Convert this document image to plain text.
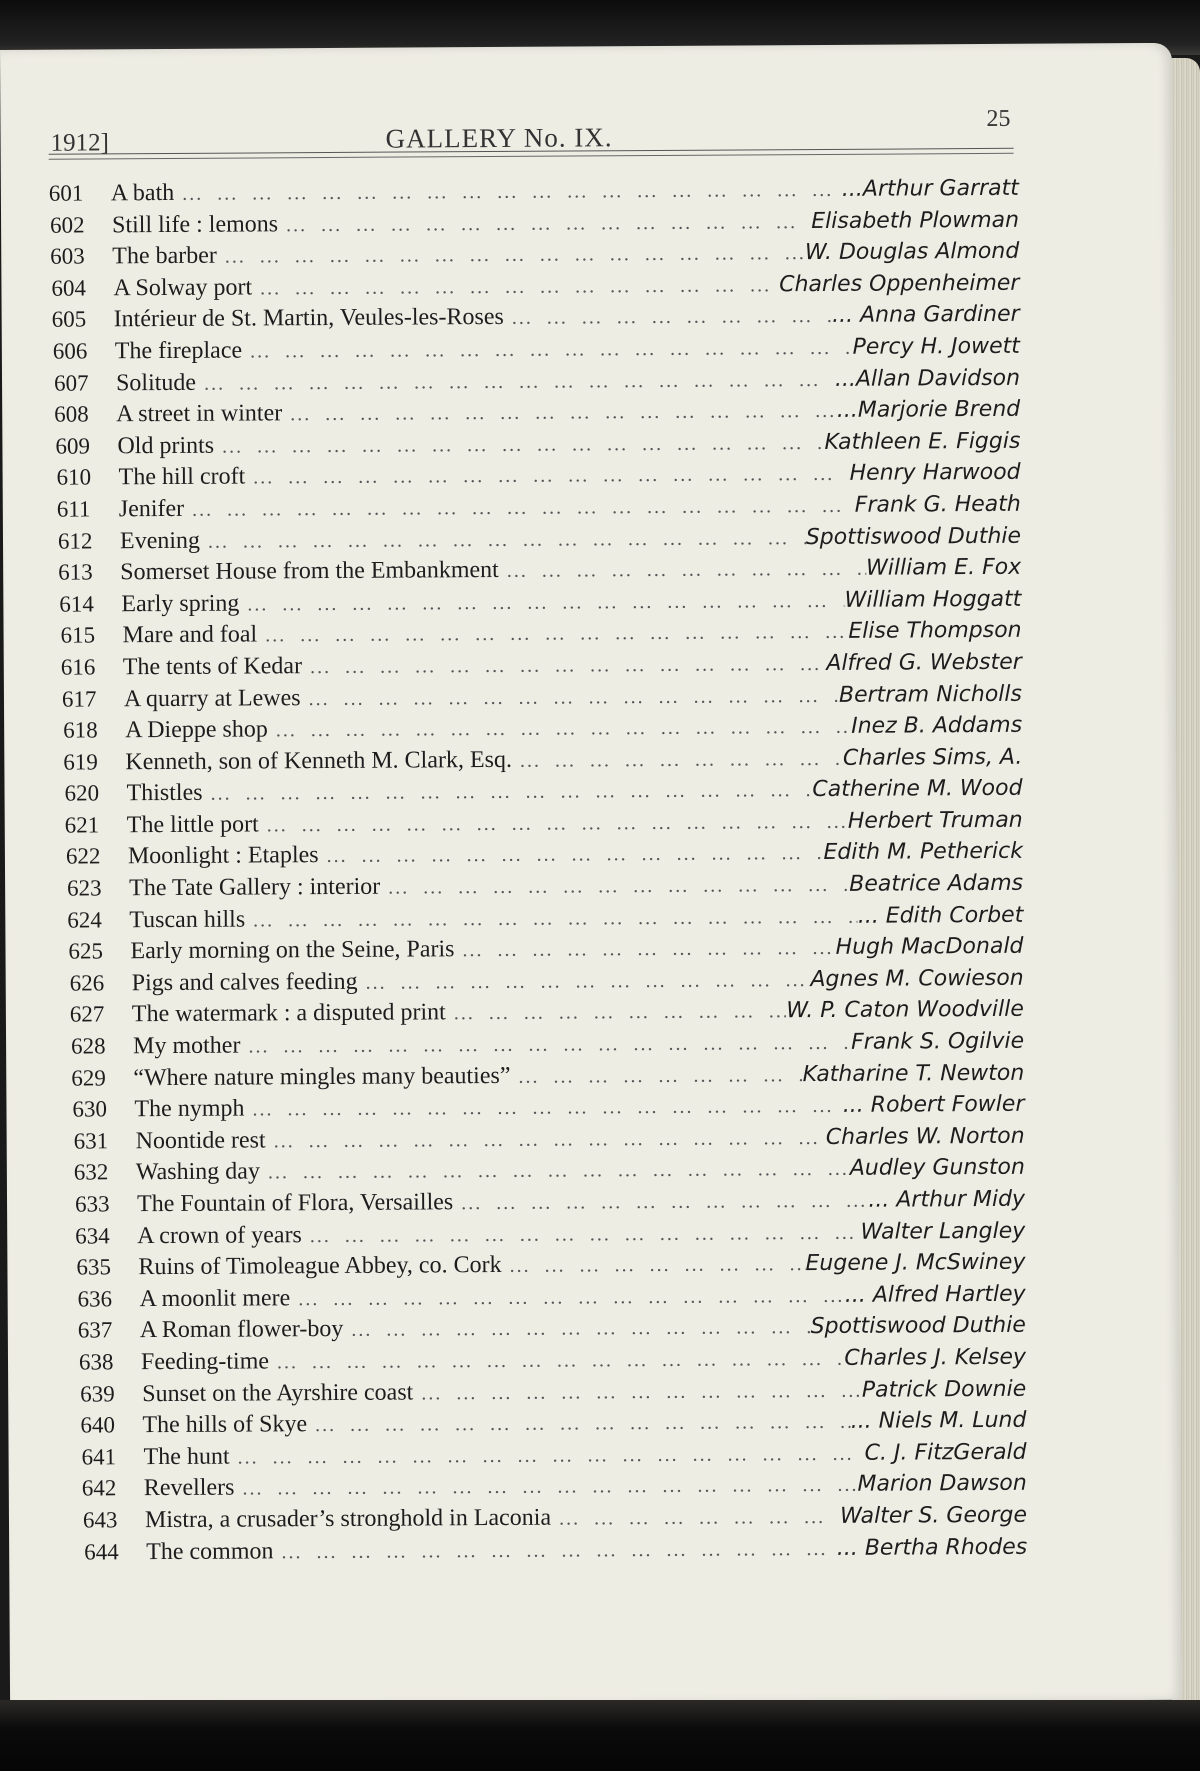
1912]	GALLERY No. IX.
25
601	A bath ...	...Arthur Garratt
602	Still life : lemons ...	Elisabeth Plowman
603	The barber ...	W. Douglas Almond
604	A Solway port ...	Charles Oppenheimer
605	Intérieur de St. Martin, Veules-les-Roses ...	... Anna Gardiner
606	The fireplace ...	Percy H. Jowett
607	Solitude ...	...Allan Davidson
608	A street in winter ...	...Marjorie Brend
609	Old prints ...	Kathleen E. Figgis
610	The hill croft ...	Henry Harwood
611	Jenifer ...	Frank G. Heath
612	Evening ...	Spottiswood Duthie
613	Somerset House from the Embankment ...	William E. Fox
614	Early spring ...	William Hoggatt
615	Mare and foal ...	Elise Thompson
616	The tents of Kedar ...	Alfred G. Webster
617	A quarry at Lewes ...	Bertram Nicholls
618	A Dieppe shop ...	Inez B. Addams
619	Kenneth, son of Kenneth M. Clark, Esq. ...	Charles Sims, A.
620	Thistles ...	Catherine M. Wood
621	The little port ...	Herbert Truman
622	Moonlight : Etaples ...	Edith M. Petherick
623	The Tate Gallery : interior ...	Beatrice Adams
624	Tuscan hills ...	... Edith Corbet
625	Early morning on the Seine, Paris ...	Hugh MacDonald
626	Pigs and calves feeding ...	Agnes M. Cowieson
627	The watermark : a disputed print ...	W. P. Caton Woodville
628	My mother ...	Frank S. Ogilvie
629	“Where nature mingles many beauties” ...	Katharine T. Newton
630	The nymph ...	... Robert Fowler
631	Noontide rest ...	Charles W. Norton
632	Washing day ...	Audley Gunston
633	The Fountain of Flora, Versailles ...	... Arthur Midy
634	A crown of years ...	Walter Langley
635	Ruins of Timoleague Abbey, co. Cork ...	Eugene J. McSwiney
636	A moonlit mere ...	... Alfred Hartley
637	A Roman flower-boy ...	Spottiswood Duthie
638	Feeding-time ...	Charles J. Kelsey
639	Sunset on the Ayrshire coast ...	Patrick Downie
640	The hills of Skye ...	... Niels M. Lund
641	The hunt ...	C. J. FitzGerald
642	Revellers ...	Marion Dawson
643	Mistra, a crusader’s stronghold in Laconia ...	Walter S. George
644	The common ...	... Bertha Rhodes
